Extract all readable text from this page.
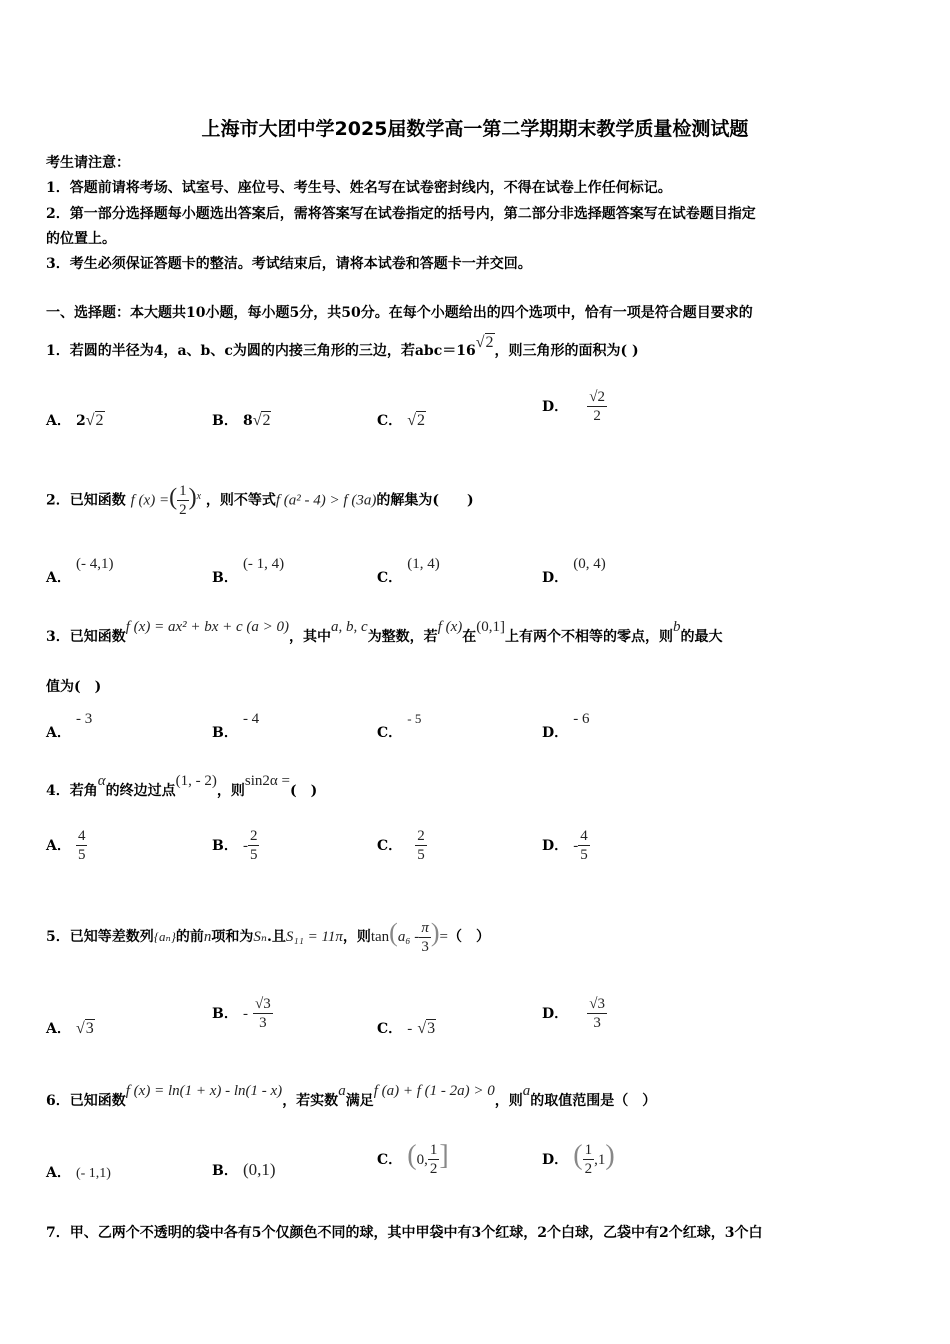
上海市大团中学2025届数学高一第二学期期末教学质量检测试题
考生请注意：
1．答题前请将考场、试室号、座位号、考生号、姓名写在试卷密封线内，不得在试卷上作任何标记。
2．第一部分选择题每小题选出答案后，需将答案写在试卷指定的括号内，第二部分非选择题答案写在试卷题目指定
的位置上。
3．考生必须保证答题卡的整洁。考试结束后，请将本试卷和答题卡一并交回。
一、选择题：本大题共10小题，每小题5分，共50分。在每个小题给出的四个选项中，恰有一项是符合题目要求的
1．若圆的半径为4，a、b、c为圆的内接三角形的三边，若abc＝16√2，则三角形的面积为( )
A． 2√2	B． 8√2	C． √2
D． $\frac{√2}{2}$
2．已知函数 f (x) =( $\frac{1}{2} )^x$ ，则不等式f (a² - 4) > f (3a)的解集为(　　)
A． (- 4,1)
B． (- 1, 4)
C． (1, 4)
D． (0, 4)
3．已知函数f (x) = ax² + bx + c (a > 0)，其中a, b, c为整数，若f (x)在(0,1]上有两个不相等的零点，则b的最大
值为(　)
A． - 3
B． - 4
C． - 5
D． - 6
4．若角α的终边过点(1, - 2)，则sin2α =(　)
A． $\frac{4}{5}$	B． - $\frac{2}{5}$	C． $\frac{2}{5}$	D． - $\frac{4}{5}$
5．已知等差数列{aₙ}的前n项和为Sₙ.且S₁₁ = 11π，则$\tan(a_6 - \frac{\pi}{3}$ )=（　）
A． √3
B． - $\frac{√3}{3}$	C． - √3
D． $\frac{√3}{3}$
6．已知函数f (x) = ln(1 + x) - ln(1 - x)，若实数a满足f (a) + f (1 - 2a) > 0，则a的取值范围是（　）
A． (- 1,1)	B． (0,1)	C． (0, $\frac{1}{2}$ ]	D． ( $\frac{1}{2} ,1$)
7．甲、乙两个不透明的袋中各有5个仅颜色不同的球，其中甲袋中有3个红球，2个白球，乙袋中有2个红球，3个白
